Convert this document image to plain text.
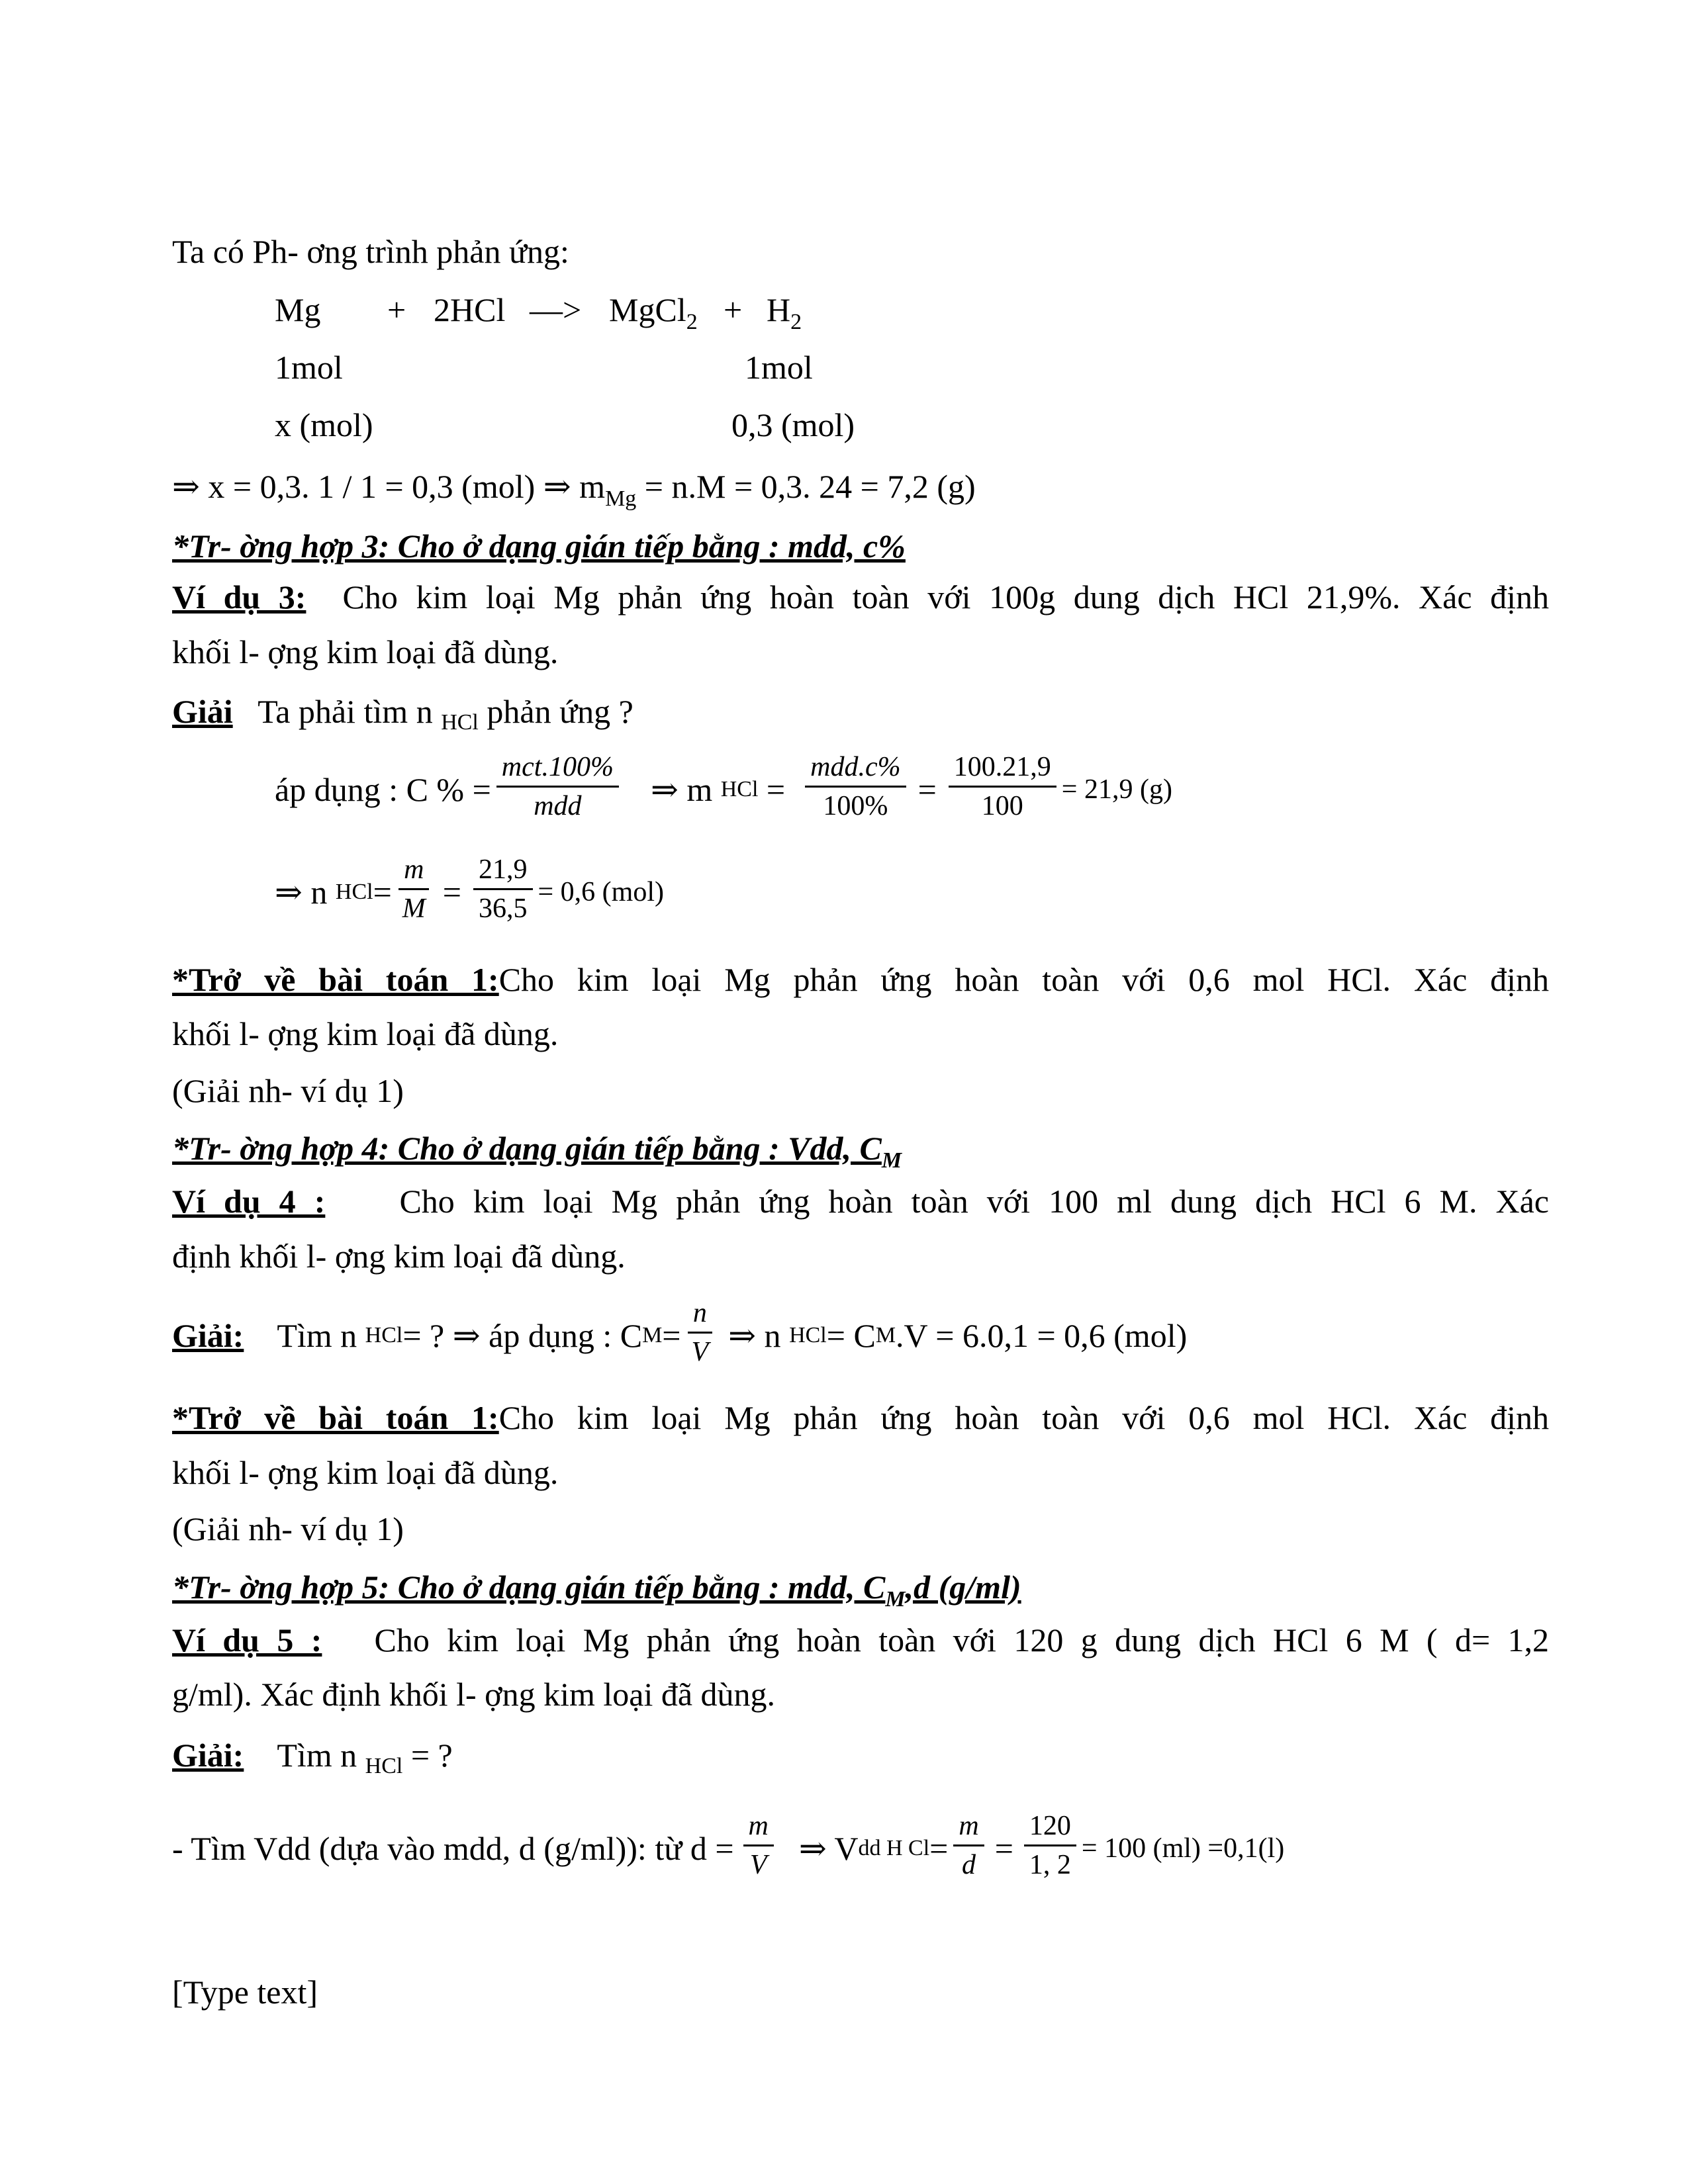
Ta có Ph- ơng trình phản ứng:
Mg + 2HCl —> MgCl$_2$ + $H_2$
1mol	1mol
x (mol)	0,3 (mol)
⇒ x = 0,3. 1 / 1 = 0,3 (mol) ⇒ $m_{Mg} = n.M = 0,3$. 24 = 7,2 (g)
*Tr- ờng hợp 3: Cho ở dạng gián tiếp bằng : mdd, c%
Ví dụ 3: Cho kim loại Mg phản ứng hoàn toàn với 100g dung dịch HCl 21,9%. Xác định
khối l- ợng kim loại đã dùng.
Giải Ta phải tìm n $_{HCl}$ phản ứng ?
áp dụng : C % = $\frac{\text{mct.100\%}}{\text{mdd}}$ ⇒ m
HCl
= $\frac{\text{mdd.c\%}}{100\%} = \frac{100.21,9}{100} = 21,9$ (g)
⇒ n
HCl = $\frac{m}{M} = \frac{21,9}{36,5} = 0,6$ (mol)
*Trở về bài toán 1:Cho kim loại Mg phản ứng hoàn toàn với 0,6 mol HCl. Xác định
khối l- ợng kim loại đã dùng.
(Giải nh- ví dụ 1)
*Tr- ờng hợp 4: Cho ở dạng gián tiếp bằng : Vdd, $C_M$
Ví dụ 4 : Cho kim loại Mg phản ứng hoàn toàn với 100 ml dung dịch HCl 6 M. Xác
định khối l- ợng kim loại đã dùng.
Giải:
Tìm n
HCl = ? ⇒ áp dụng : C $M = \frac{n}{V}$ ⇒ n
HCl = C M .V = 6.0,1 = 0,6 (mol)
*Trở về bài toán 1:Cho kim loại Mg phản ứng hoàn toàn với 0,6 mol HCl. Xác định
khối l- ợng kim loại đã dùng.
(Giải nh- ví dụ 1)
*Tr- ờng hợp 5: Cho ở dạng gián tiếp bằng : mdd, $C_M,d$ (g/ml)
Ví dụ 5 : Cho kim loại Mg phản ứng hoàn toàn với 120 g dung dịch HCl 6 M ( d= 1,2
g/ml). Xác định khối l- ợng kim loại đã dùng.
Giải: Tìm n $_{HCl}$ = ?
- Tìm Vdd (dựa vào mdd, d (g/ml)): từ $d = \frac{m}{V}$ ⇒ V dd H $Cl = \frac{m}{d} = \frac{120}{1, 2} = 100$ (ml) =0,1(l)
[Type text]
